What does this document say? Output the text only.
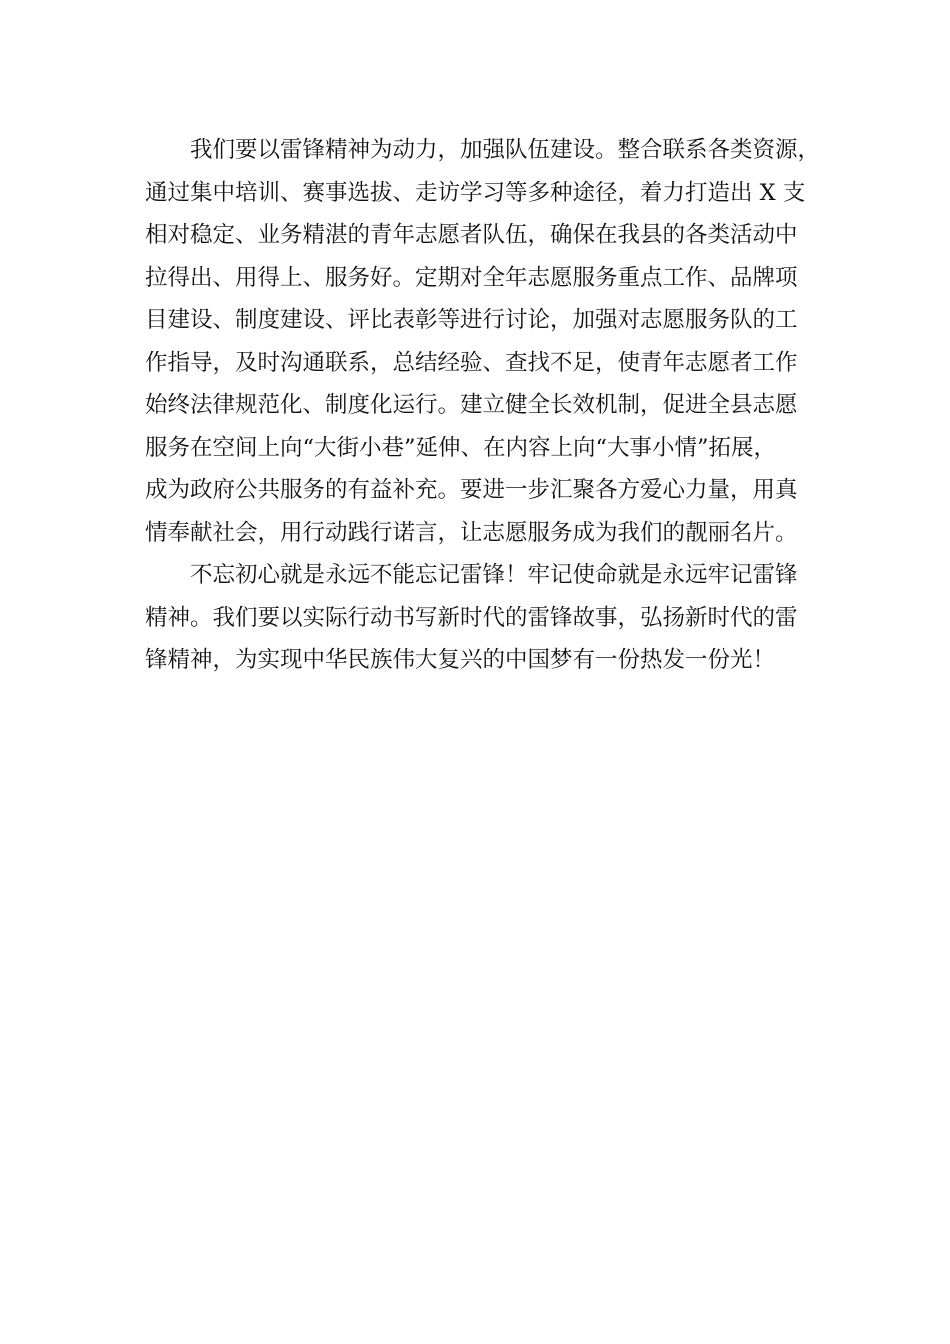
我们要以雷锋精神为动力，加强队伍建设。整合联系各类资源，
通过集中培训、赛事选拔、走访学习等多种途径，着力打造出 X 支
相对稳定、业务精湛的青年志愿者队伍，确保在我县的各类活动中
拉得出、用得上、服务好。定期对全年志愿服务重点工作、品牌项
目建设、制度建设、评比表彰等进行讨论，加强对志愿服务队的工
作指导，及时沟通联系，总结经验、查找不足，使青年志愿者工作
始终法律规范化、制度化运行。建立健全长效机制，促进全县志愿
服务在空间上向“大街小巷”延伸、在内容上向“大事小情”拓展，
成为政府公共服务的有益补充。要进一步汇聚各方爱心力量，用真
情奉献社会，用行动践行诺言，让志愿服务成为我们的靓丽名片。
不忘初心就是永远不能忘记雷锋！牢记使命就是永远牢记雷锋
精神。我们要以实际行动书写新时代的雷锋故事，弘扬新时代的雷
锋精神，为实现中华民族伟大复兴的中国梦有一份热发一份光！
